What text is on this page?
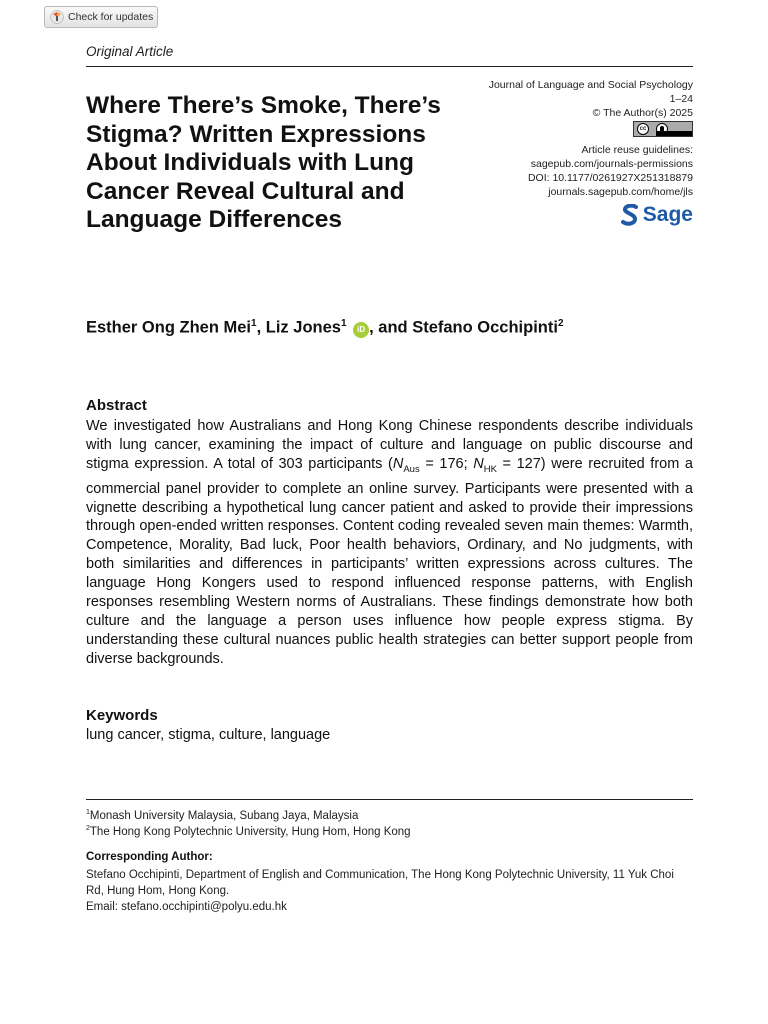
Check for updates
Original Article
Where There’s Smoke, There’s Stigma? Written Expressions About Individuals with Lung Cancer Reveal Cultural and Language Differences
Journal of Language and Social Psychology
1–24
© The Author(s) 2025
cc
Article reuse guidelines:
sagepub.com/journals-permissions
DOI: 10.1177/0261927X251318879
journals.sagepub.com/home/jls
Sage
Esther Ong Zhen Mei$^1$, Liz Jones$^1$ iD , and Stefano Occhipinti$^2$
Abstract

We investigated how Australians and Hong Kong Chinese respondents describe individuals with lung cancer, examining the impact of culture and language on public discourse and stigma expression. A total of 303 participants ($N_{Aus} = 176$; $N_{HK} = 127$) were recruited from a commercial panel provider to complete an online survey. Participants were presented with a vignette describing a hypothetical lung cancer patient and asked to provide their impressions through open-ended written responses. Content coding revealed seven main themes: Warmth, Competence, Morality, Bad luck, Poor health behaviors, Ordinary, and No judgments, with both similarities and differences in participants’ written expressions across cultures. The language Hong Kongers used to respond influenced response patterns, with English responses resembling Western norms of Australians. These findings demonstrate how both culture and the language a person uses influence how people express stigma. By understanding these cultural nuances public health strategies can better support people from diverse backgrounds.

Keywords
lung cancer, stigma, culture, language
$^1$Monash University Malaysia, Subang Jaya, Malaysia
$^2$The Hong Kong Polytechnic University, Hung Hom, Hong Kong
Corresponding Author:
Stefano Occhipinti, Department of English and Communication, The Hong Kong Polytechnic University, 11 Yuk Choi Rd, Hung Hom, Hong Kong.
Email: stefano.occhipinti@polyu.edu.hk
